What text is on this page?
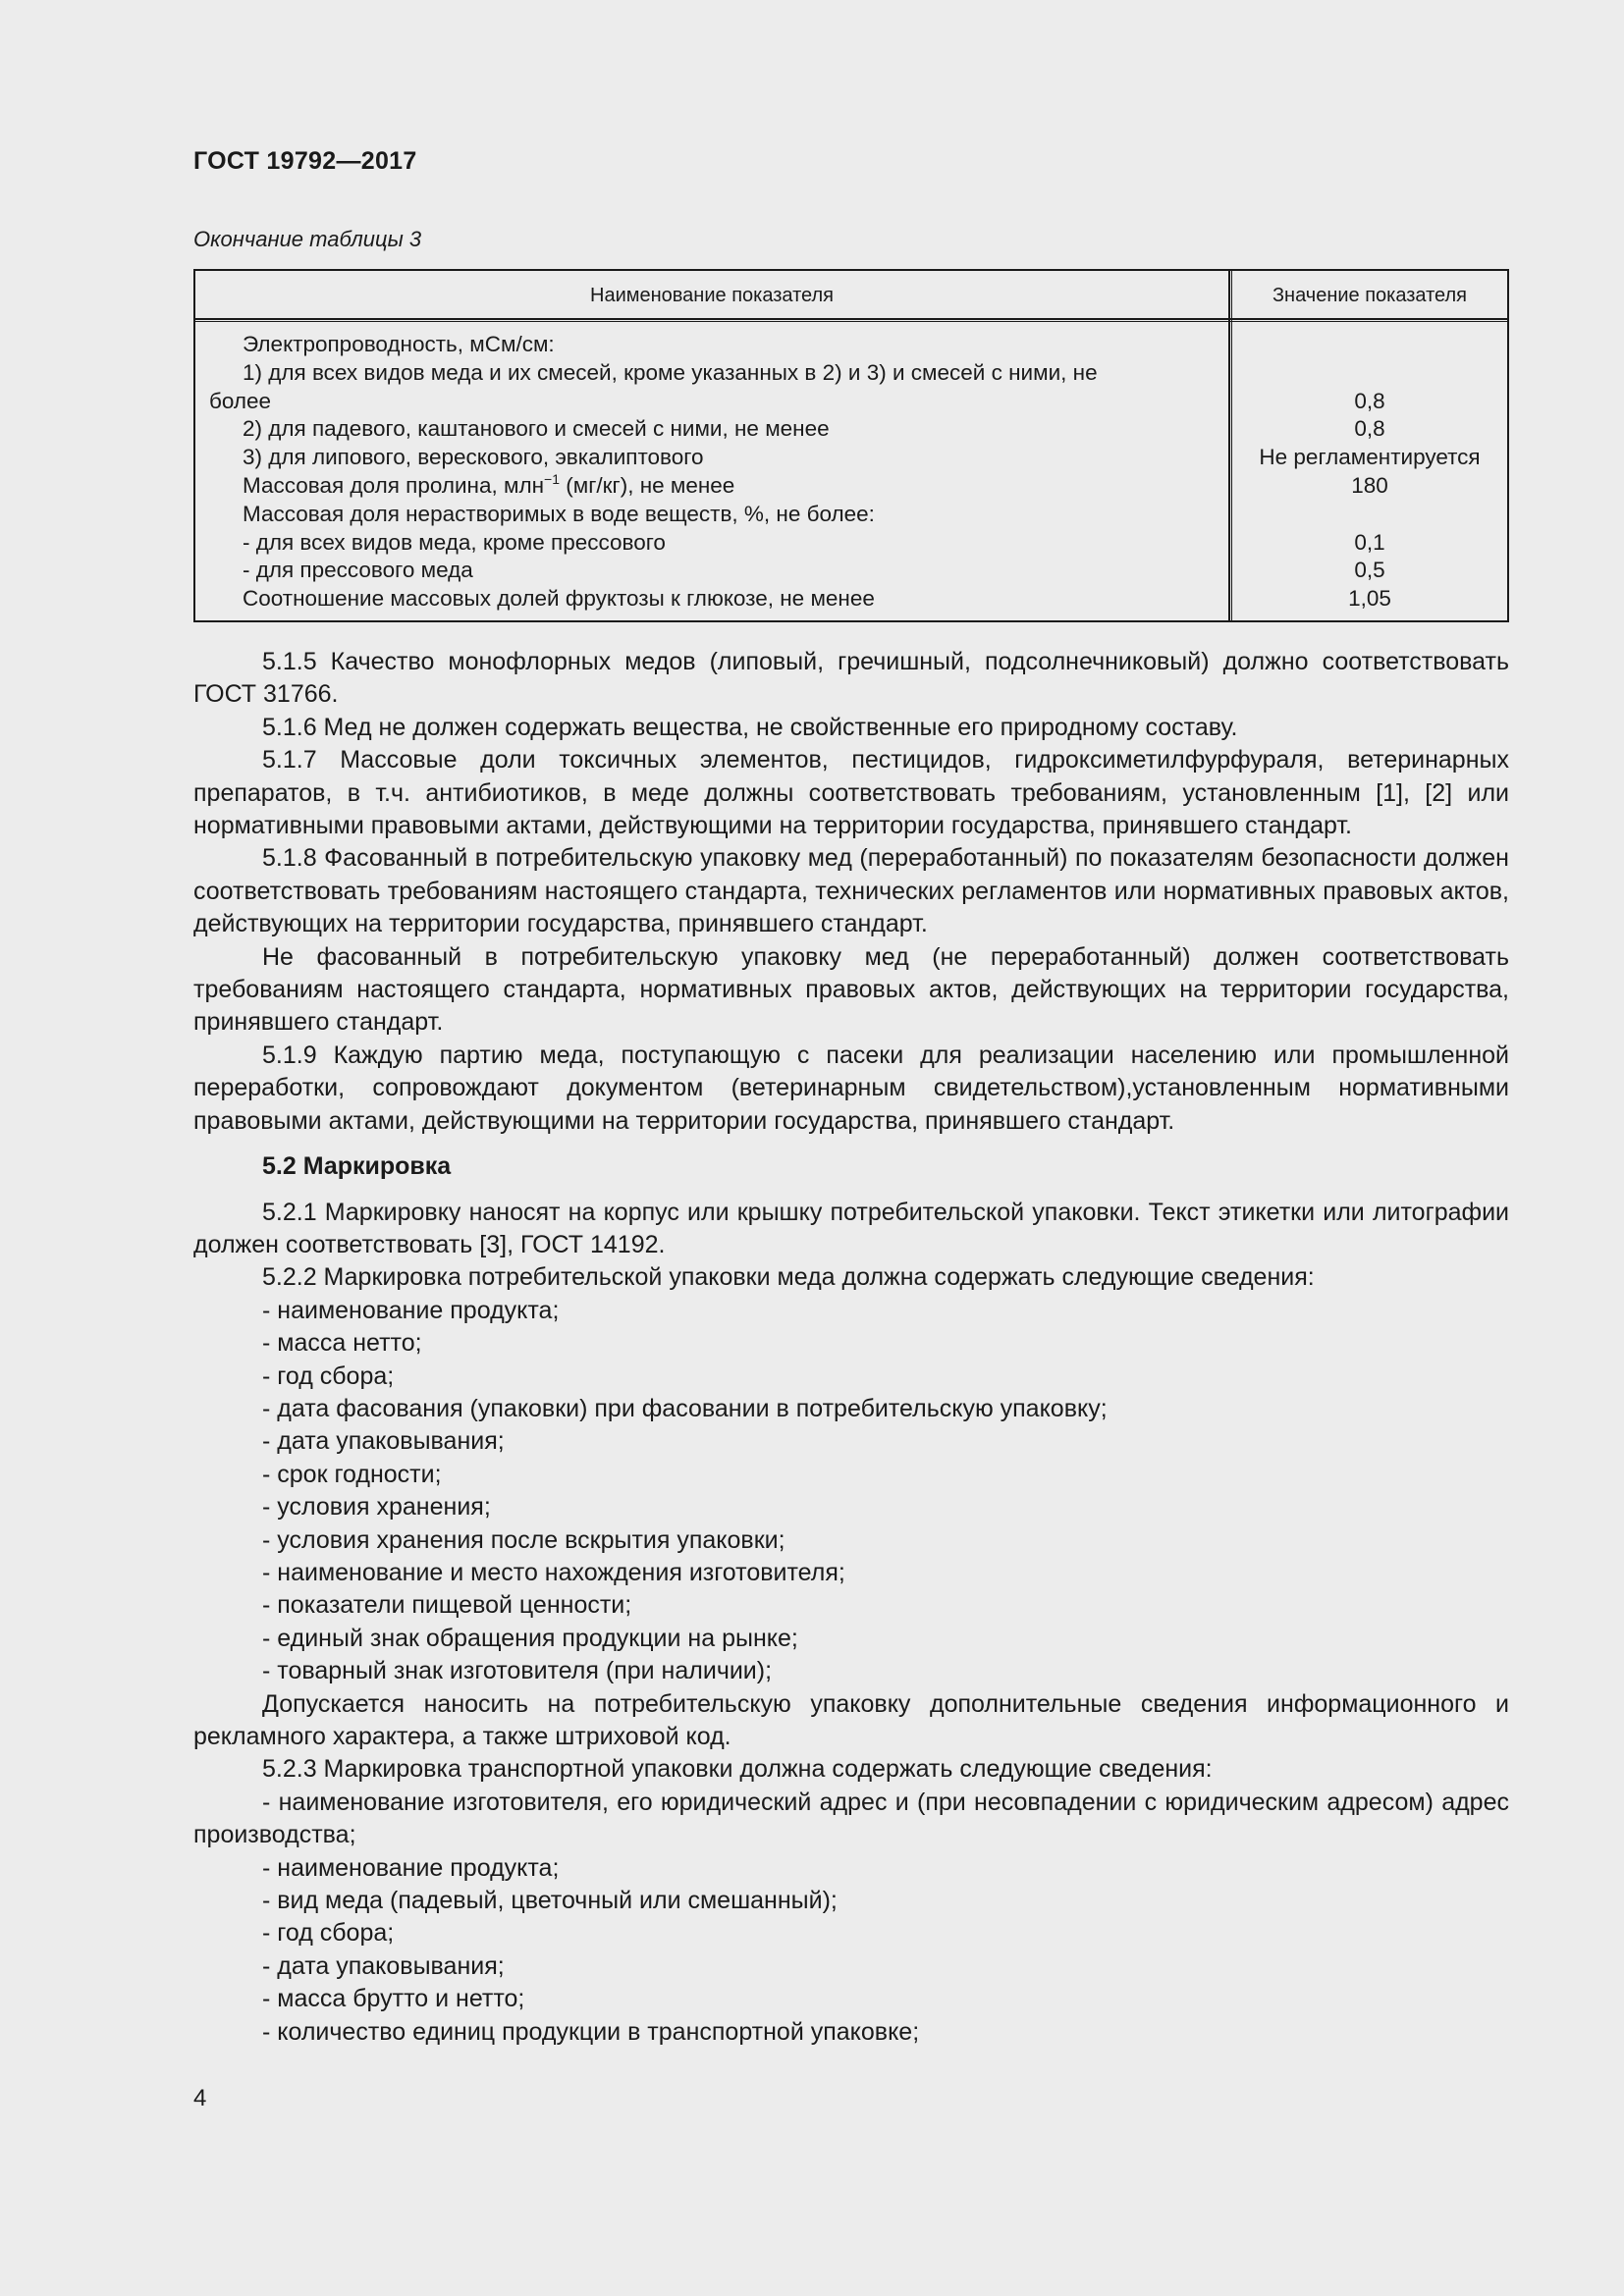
ГОСТ 19792—2017
Окончание таблицы 3
Наименование показателя	Значение показателя
Электропроводность, мСм/см:
1) для всех видов меда и их смесей, кроме указанных в 2) и 3) и смесей с ними, не
более	0,8
2) для падевого, каштанового и смесей с ними, не менее	0,8
3) для липового, верескового, эвкалиптового	Не регламентируется
Массовая доля пролина, млн$^{-1}$ (мг/кг), не менее	180
Массовая доля нерастворимых в воде веществ, %, не более:
- для всех видов меда, кроме прессового	0,1
- для прессового меда	0,5
Соотношение массовых долей фруктозы к глюкозе, не менее	1,05

5.1.5 Качество монофлорных медов (липовый, гречишный, подсолнечниковый) должно соответствовать ГОСТ 31766.

5.1.6 Мед не должен содержать вещества, не свойственные его природному составу.

5.1.7 Массовые доли токсичных элементов, пестицидов, гидроксиметилфурфураля, ветеринарных препаратов, в т.ч. антибиотиков, в меде должны соответствовать требованиям, установленным [1], [2] или нормативными правовыми актами, действующими на территории государства, принявшего стандарт.

5.1.8 Фасованный в потребительскую упаковку мед (переработанный) по показателям безопасности должен соответствовать требованиям настоящего стандарта, технических регламентов или нормативных правовых актов, действующих на территории государства, принявшего стандарт.

Не фасованный в потребительскую упаковку мед (не переработанный) должен соответствовать требованиям настоящего стандарта, нормативных правовых актов, действующих на территории государства, принявшего стандарт.

5.1.9 Каждую партию меда, поступающую с пасеки для реализации населению или промышленной переработки, сопровождают документом (ветеринарным свидетельством),установленным нормативными правовыми актами, действующими на территории государства, принявшего стандарт.

5.2 Маркировка

5.2.1 Маркировку наносят на корпус или крышку потребительской упаковки. Текст этикетки или литографии должен соответствовать [3], ГОСТ 14192.

5.2.2 Маркировка потребительской упаковки меда должна содержать следующие сведения:

- наименование продукта;

- масса нетто;

- год сбора;

- дата фасования (упаковки) при фасовании в потребительскую упаковку;

- дата упаковывания;

- срок годности;

- условия хранения;

- условия хранения после вскрытия упаковки;

- наименование и место нахождения изготовителя;

- показатели пищевой ценности;

- единый знак обращения продукции на рынке;

- товарный знак изготовителя (при наличии);

Допускается наносить на потребительскую упаковку дополнительные сведения информационного и рекламного характера, а также штриховой код.

5.2.3 Маркировка транспортной упаковки должна содержать следующие сведения:

- наименование изготовителя, его юридический адрес и (при несовпадении с юридическим адресом) адрес производства;

- наименование продукта;

- вид меда (падевый, цветочный или смешанный);

- год сбора;

- дата упаковывания;

- масса брутто и нетто;

- количество единиц продукции в транспортной упаковке;

4
